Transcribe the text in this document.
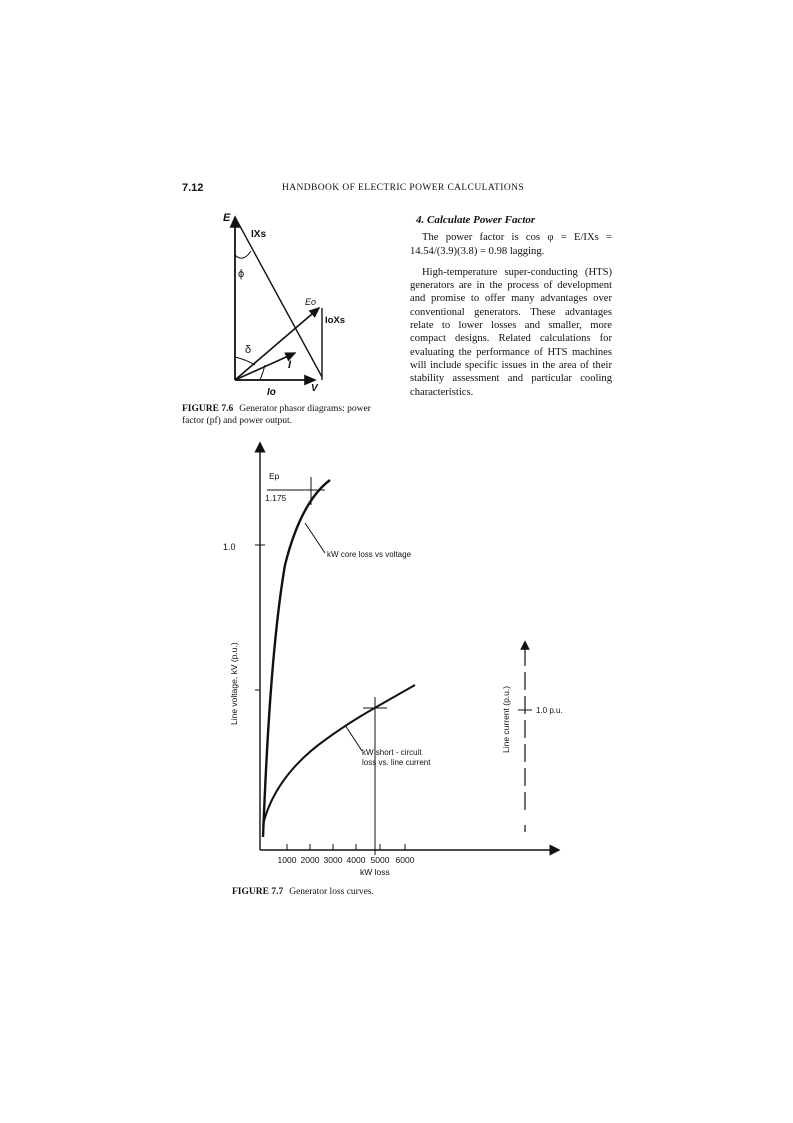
7.12	HANDBOOK OF ELECTRIC POWER CALCULATIONS
E
IXs
ϕ
Eo
IoXs
δ
I
Io	V
FIGURE 7.6 Generator phasor diagrams: power factor (pf) and power output.
4. Calculate Power Factor

The power factor is cos φ = E/IXs = 14.54/(3.9)(3.8) = 0.98 lagging.

High-temperature super-conducting (HTS) generators are in the process of development and promise to offer many advantages over conventional generators. These advantages relate to lower losses and smaller, more compact designs. Related calculations for evaluating the performance of HTS machines will include specific issues in the area of their stability assessment and particular cooling characteristics.

1.0
Ep
1.175
kW core loss vs voltage
kW short - circuit
loss vs. line current
1.0 p.u.
Line voltage, kV (p.u.)	Line current (p.u.)
1000 2000 3000 4000 5000 6000
kW loss
FIGURE 7.7 Generator loss curves.
